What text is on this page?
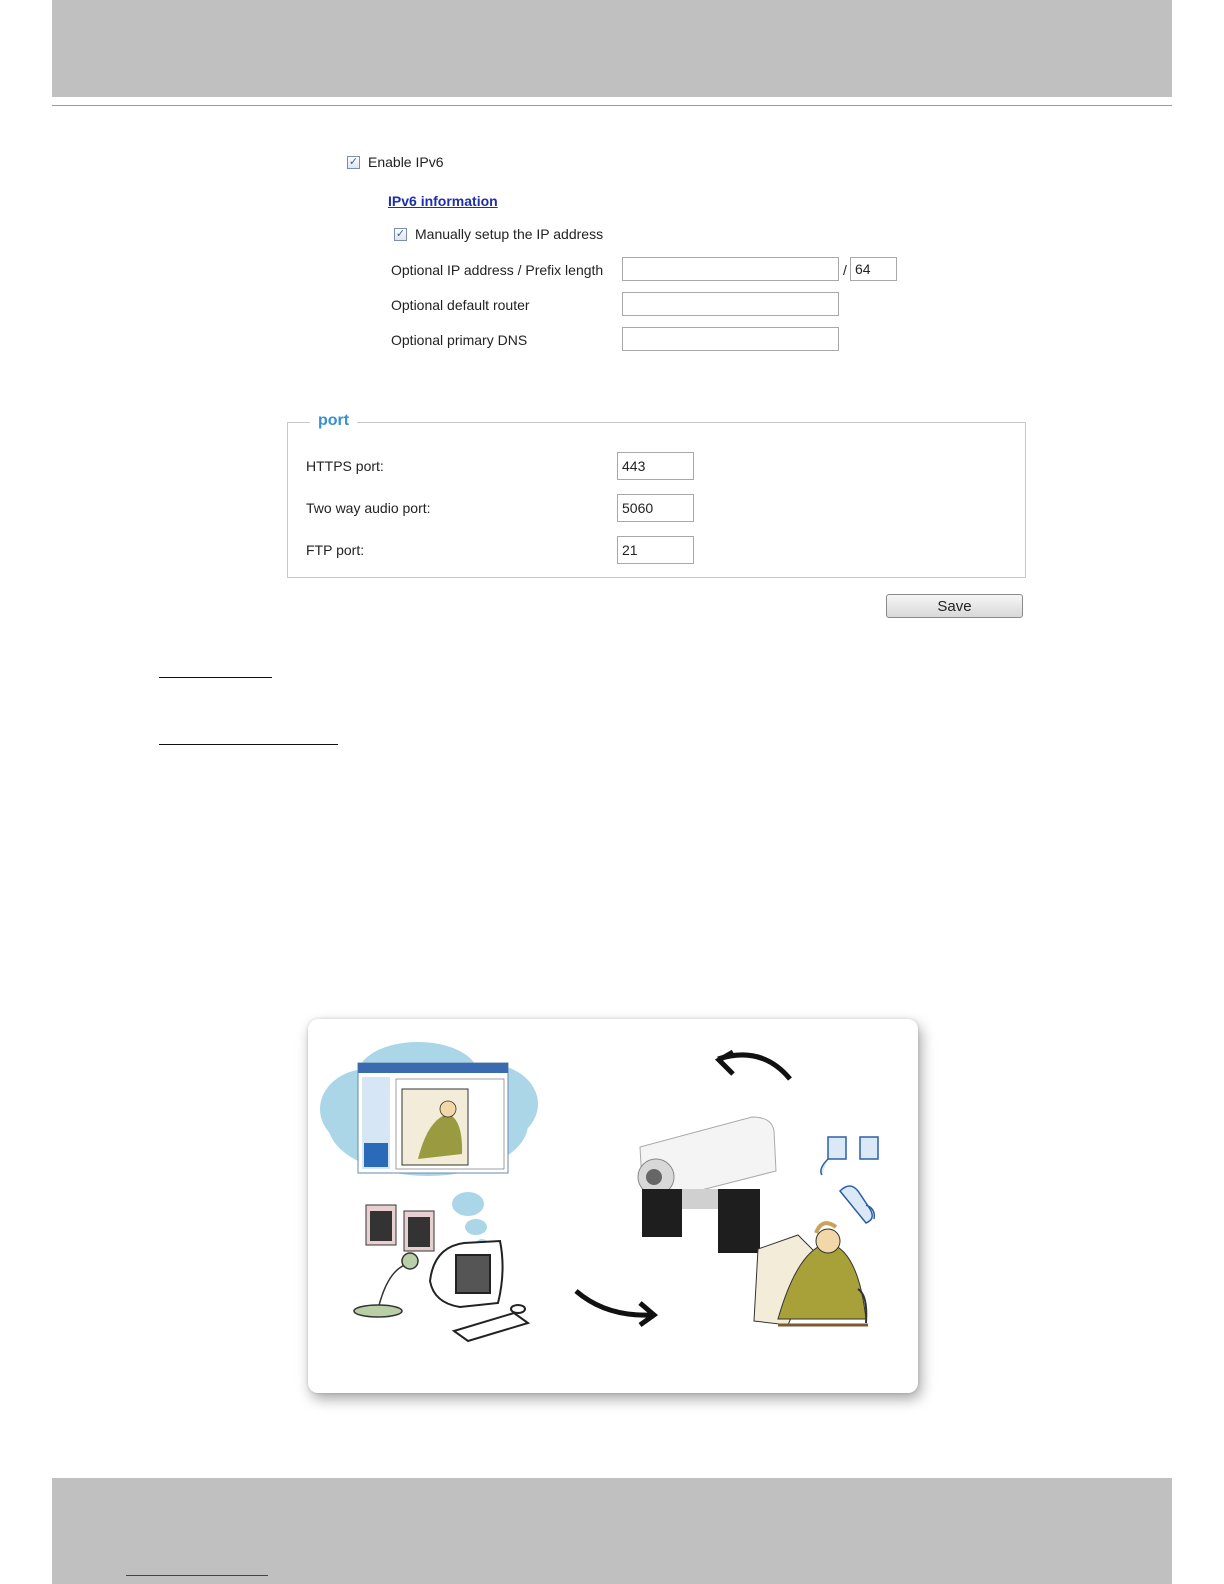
✓ Enable IPv6
IPv6 information
✓ Manually setup the IP address
Optional IP address / Prefix length	/
64
Optional default router
Optional primary DNS
port
HTTPS port:
443
Two way audio port:
5060
FTP port:
21
Save
